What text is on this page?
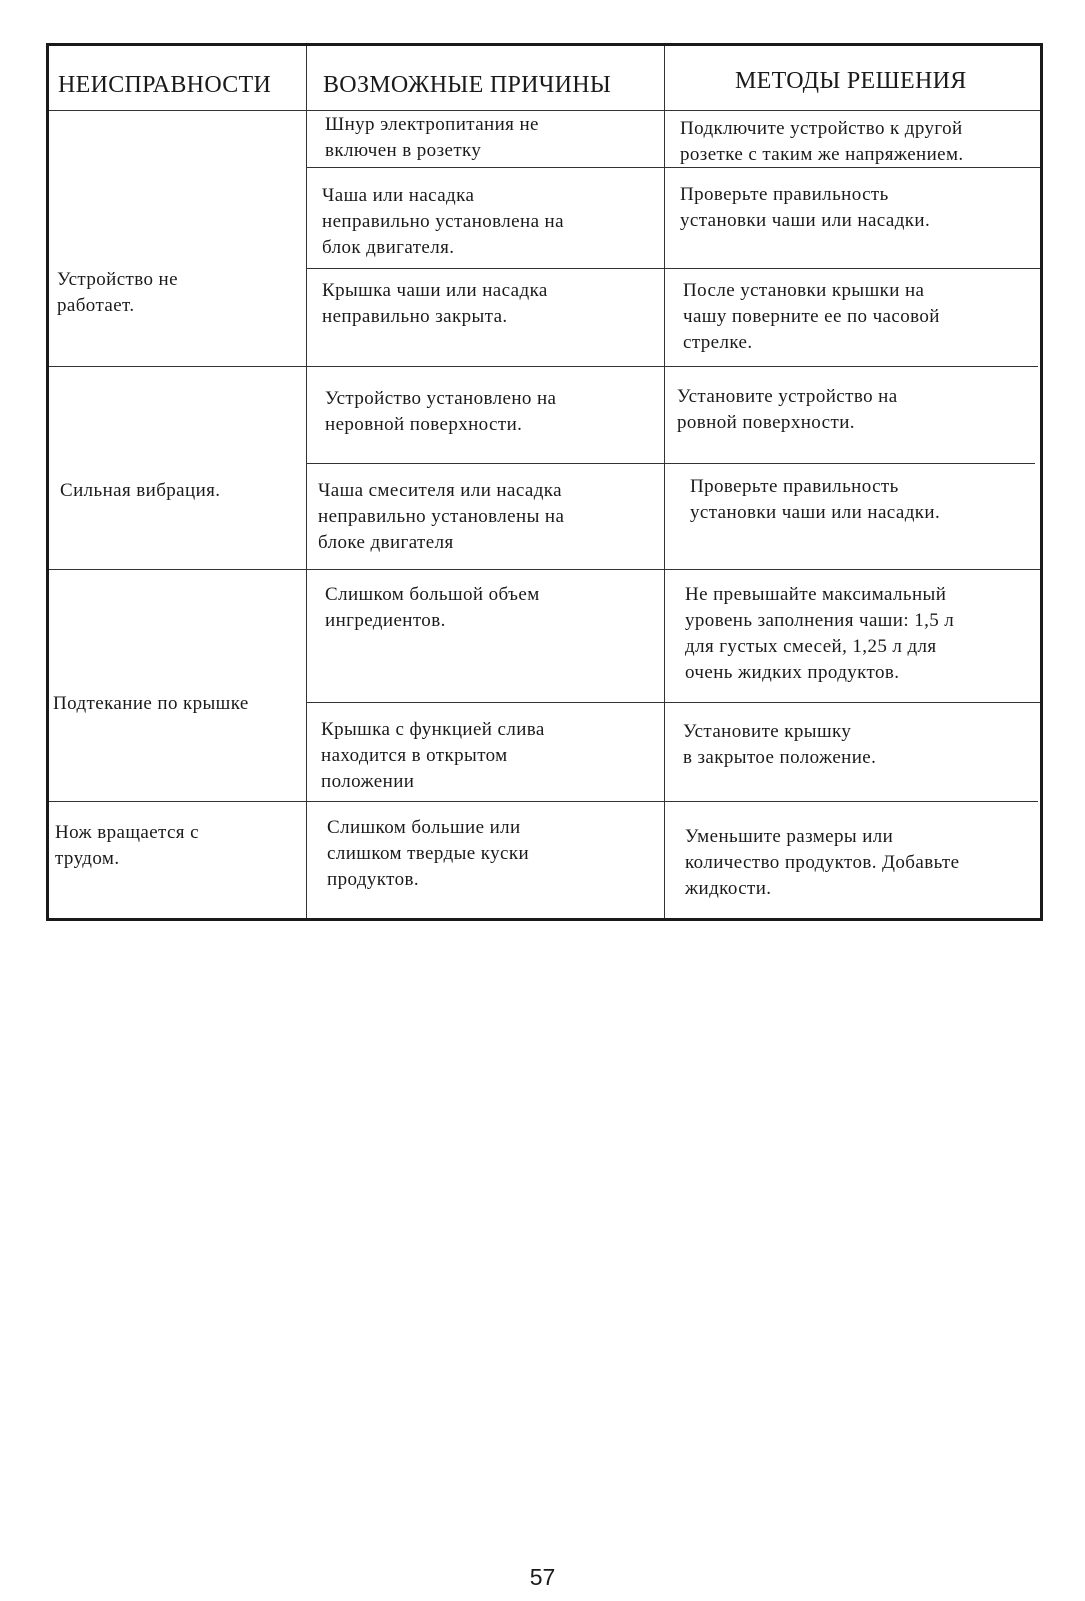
НЕИСПРАВНОСТИ ВОЗМОЖНЫЕ ПРИЧИНЫ	МЕТОДЫ РЕШЕНИЯ
Устройство не
работает.
Шнур электропитания не
включен в розетку
Подключите устройство к другой
розетке с таким же напряжением.
Чаша или насадка
неправильно установлена на
блок двигателя.
Проверьте правильность
установки чаши или насадки.
Крышка чаши или насадка
неправильно закрыта.
После установки крышки на
чашу поверните ее по часовой
стрелке.
Сильная вибрация.
Устройство установлено на
неровной поверхности.
Установите устройство на
ровной поверхности.
Чаша смесителя или насадка
неправильно установлены на
блоке двигателя
Проверьте правильность
установки чаши или насадки.
Подтекание по крышке
Слишком большой объем
ингредиентов.
Не превышайте максимальный
уровень заполнения чаши: 1,5 л
для густых смесей, 1,25 л для
очень жидких продуктов.
Крышка с функцией слива
находится в открытом
положении
Установите крышку
в закрытое положение.
Нож вращается с
трудом.
Слишком большие или
слишком твердые куски
продуктов.
Уменьшите размеры или
количество продуктов. Добавьте
жидкости.
57
